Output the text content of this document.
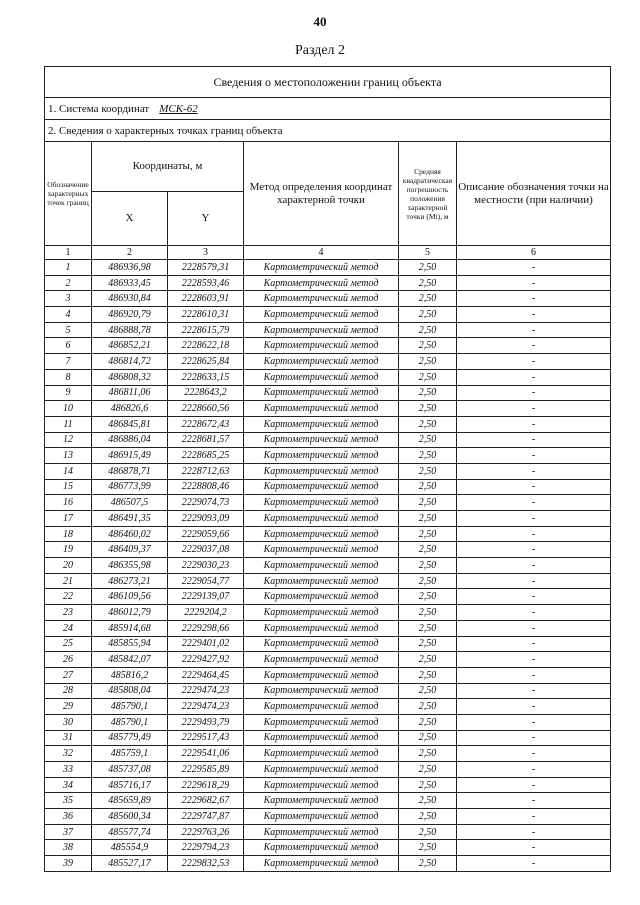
40
Раздел 2
Сведения о местоположении границ объекта					
1. Система координат МСК-62					
2. Сведения о характерных точках границ объекта					
Обозначение характерных точек границ	Координаты, м		Метод определения координат характерной точки	Средняя квадратическая погрешность положения характерной точки (Mt), м	Описание обозначения точки на местности (при наличии)
	X	Y			
1	2	3	4	5	6
1	486936,98	2228579,31	Картометрический метод	2,50	-
2	486933,45	2228593,46	Картометрический метод	2,50	-
3	486930,84	2228603,91	Картометрический метод	2,50	-
4	486920,79	2228610,31	Картометрический метод	2,50	-
5	486888,78	2228615,79	Картометрический метод	2,50	-
6	486852,21	2228622,18	Картометрический метод	2,50	-
7	486814,72	2228625,84	Картометрический метод	2,50	-
8	486808,32	2228633,15	Картометрический метод	2,50	-
9	486811,06	2228643,2	Картометрический метод	2,50	-
10	486826,6	2228660,56	Картометрический метод	2,50	-
11	486845,81	2228672,43	Картометрический метод	2,50	-
12	486886,04	2228681,57	Картометрический метод	2,50	-
13	486915,49	2228685,25	Картометрический метод	2,50	-
14	486878,71	2228712,63	Картометрический метод	2,50	-
15	486773,99	2228808,46	Картометрический метод	2,50	-
16	486507,5	2229074,73	Картометрический метод	2,50	-
17	486491,35	2229093,09	Картометрический метод	2,50	-
18	486460,02	2229059,66	Картометрический метод	2,50	-
19	486409,37	2229037,08	Картометрический метод	2,50	-
20	486355,98	2229030,23	Картометрический метод	2,50	-
21	486273,21	2229054,77	Картометрический метод	2,50	-
22	486109,56	2229139,07	Картометрический метод	2,50	-
23	486012,79	2229204,2	Картометрический метод	2,50	-
24	485914,68	2229298,66	Картометрический метод	2,50	-
25	485855,94	2229401,02	Картометрический метод	2,50	-
26	485842,07	2229427,92	Картометрический метод	2,50	-
27	485816,2	2229464,45	Картометрический метод	2,50	-
28	485808,04	2229474,23	Картометрический метод	2,50	-
29	485790,1	2229474,23	Картометрический метод	2,50	-
30	485790,1	2229493,79	Картометрический метод	2,50	-
31	485779,49	2229517,43	Картометрический метод	2,50	-
32	485759,1	2229541,06	Картометрический метод	2,50	-
33	485737,08	2229585,89	Картометрический метод	2,50	-
34	485716,17	2229618,29	Картометрический метод	2,50	-
35	485659,89	2229682,67	Картометрический метод	2,50	-
36	485600,34	2229747,87	Картометрический метод	2,50	-
37	485577,74	2229763,26	Картометрический метод	2,50	-
38	485554,9	2229794,23	Картометрический метод	2,50	-
39	485527,17	2229832,53	Картометрический метод	2,50	-
